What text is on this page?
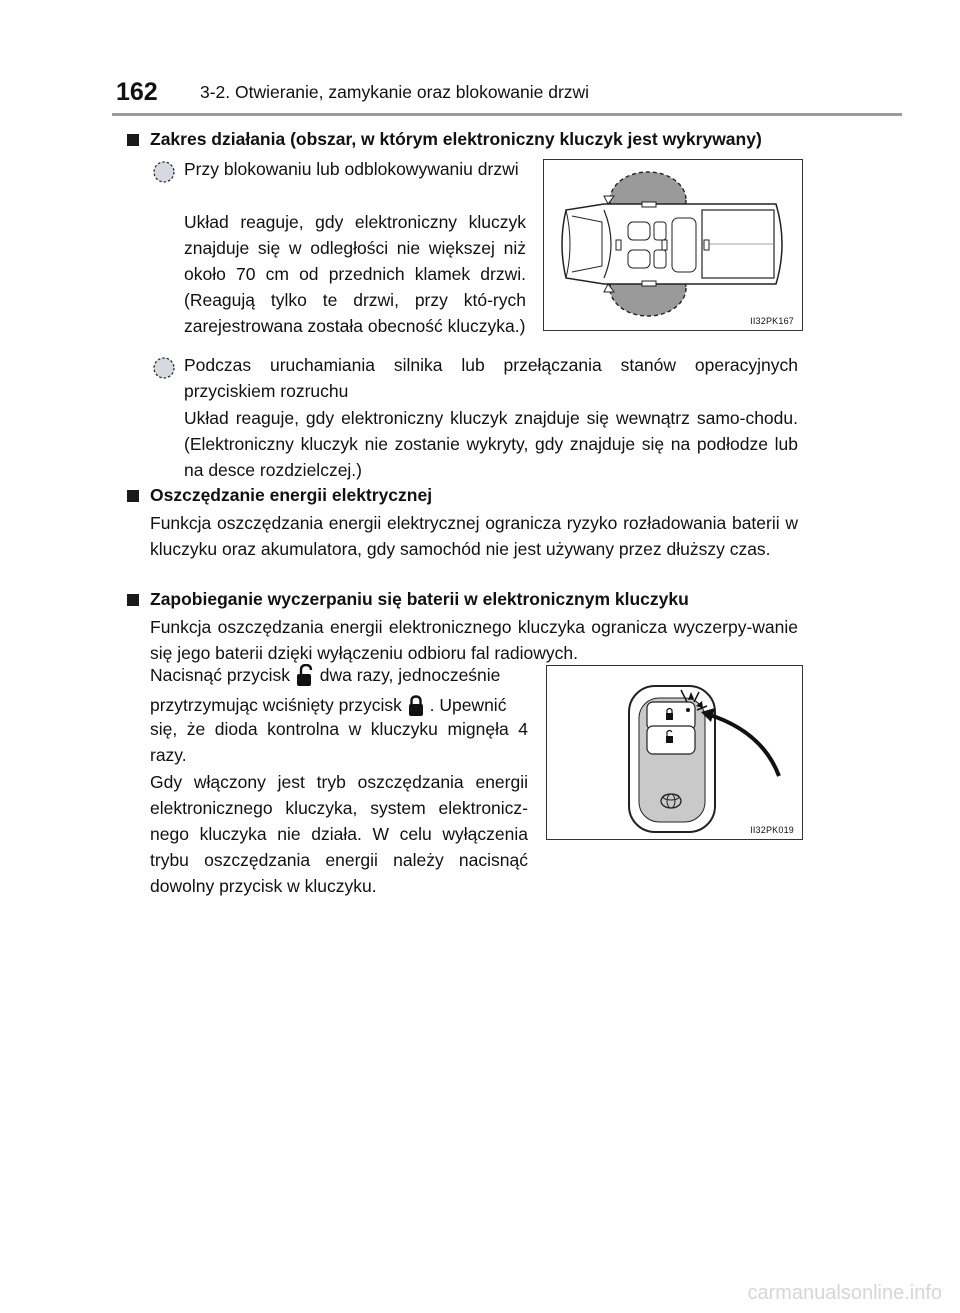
162 3-2. Otwieranie, zamykanie oraz blokowanie drzwi
Zakres działania (obszar, w którym elektroniczny kluczyk jest wykrywany)
Przy blokowaniu lub odblokowywaniu drzwi
Układ reaguje, gdy elektroniczny kluczyk znajduje się w odległości nie większej niż około 70 cm od przednich klamek drzwi. (Reagują tylko te drzwi, przy któ-rych zarejestrowana została obecność kluczyka.)	II32PK167
Podczas uruchamiania silnika lub przełączania stanów operacyjnych przyciskiem rozruchu
Układ reaguje, gdy elektroniczny kluczyk znajduje się wewnątrz samo-chodu. (Elektroniczny kluczyk nie zostanie wykryty, gdy znajduje się na podłodze lub na desce rozdzielczej.)
Oszczędzanie energii elektrycznej
Funkcja oszczędzania energii elektrycznej ogranicza ryzyko rozładowania baterii w kluczyku oraz akumulatora, gdy samochód nie jest używany przez dłuższy czas.
Zapobieganie wyczerpaniu się baterii w elektronicznym kluczyku
Funkcja oszczędzania energii elektronicznego kluczyka ogranicza wyczerpy-wanie się jego baterii dzięki wyłączeniu odbioru fal radiowych.
Nacisnąć przycisk dwa razy, jednocześnie
przytrzymując wciśnięty przycisk . Upewnić
się, że dioda kontrolna w kluczyku mignęła 4 razy.
Gdy włączony jest tryb oszczędzania energii elektronicznego kluczyka, system elektronicz-nego kluczyka nie działa. W celu wyłączenia trybu oszczędzania energii należy nacisnąć dowolny przycisk w kluczyku.
II32PK019
carmanualsonline.info
